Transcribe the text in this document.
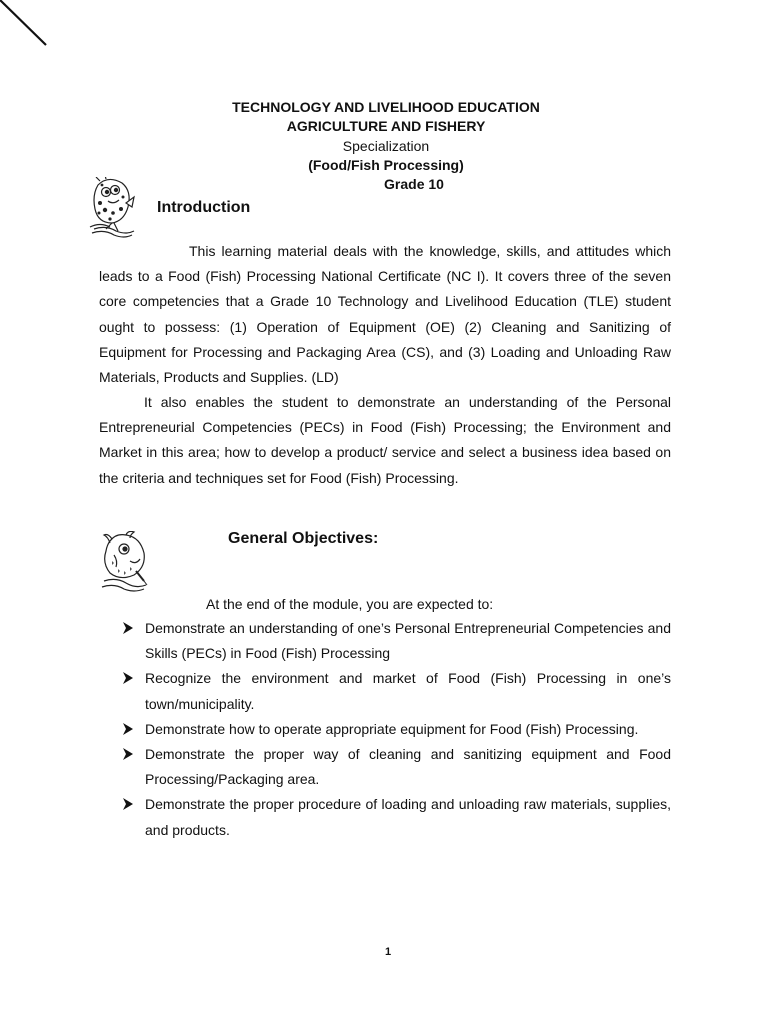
TECHNOLOGY AND LIVELIHOOD EDUCATION
AGRICULTURE AND FISHERY
Specialization
(Food/Fish Processing)
Grade 10
Introduction

This learning material deals with the knowledge, skills, and attitudes which leads to a Food (Fish) Processing National Certificate (NC I). It covers three of the seven core competencies that a Grade 10 Technology and Livelihood Education (TLE) student ought to possess: (1) Operation of Equipment (OE) (2) Cleaning and Sanitizing of Equipment for Processing and Packaging Area (CS), and (3) Loading and Unloading Raw Materials, Products and Supplies. (LD)

It also enables the student to demonstrate an understanding of the Personal Entrepreneurial Competencies (PECs) in Food (Fish) Processing; the Environment and Market in this area; how to develop a product/ service and select a business idea based on the criteria and techniques set for Food (Fish) Processing.

General Objectives:
At the end of the module, you are expected to:
Demonstrate an understanding of one’s Personal Entrepreneurial Competencies and Skills (PECs) in Food (Fish) Processing
Recognize the environment and market of Food (Fish) Processing in one’s town/municipality.
Demonstrate how to operate appropriate equipment for Food (Fish) Processing.
Demonstrate the proper way of cleaning and sanitizing equipment and Food Processing/Packaging area.
Demonstrate the proper procedure of loading and unloading raw materials, supplies, and products.
1
